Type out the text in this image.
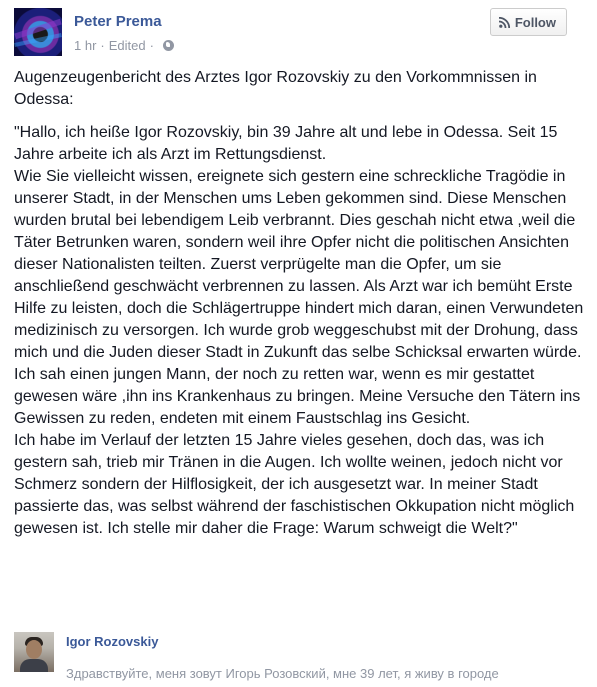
Peter Prema
1 hr · Edited ·
Follow

Augenzeugenbericht des Arztes Igor Rozovskiy zu den Vorkommnissen in Odessa:

"Hallo, ich heiße Igor Rozovskiy, bin 39 Jahre alt und lebe in Odessa. Seit 15 Jahre arbeite ich als Arzt im Rettungsdienst.
Wie Sie vielleicht wissen, ereignete sich gestern eine schreckliche Tragödie in unserer Stadt, in der Menschen ums Leben gekommen sind. Diese Menschen wurden brutal bei lebendigem Leib verbrannt. Dies geschah nicht etwa ,weil die Täter Betrunken waren, sondern weil ihre Opfer nicht die politischen Ansichten dieser Nationalisten teilten. Zuerst verprügelte man die Opfer, um sie anschließend geschwächt verbrennen zu lassen. Als Arzt war ich bemüht Erste Hilfe zu leisten, doch die Schlägertruppe hindert mich daran, einen Verwundeten medizinisch zu versorgen. Ich wurde grob weggeschubst mit der Drohung, dass mich und die Juden dieser Stadt in Zukunft das selbe Schicksal erwarten würde. Ich sah einen jungen Mann, der noch zu retten war, wenn es mir gestattet gewesen wäre ,ihn ins Krankenhaus zu bringen. Meine Versuche den Tätern ins Gewissen zu reden, endeten mit einem Faustschlag ins Gesicht.
Ich habe im Verlauf der letzten 15 Jahre vieles gesehen, doch das, was ich gestern sah, trieb mir Tränen in die Augen. Ich wollte weinen, jedoch nicht vor Schmerz sondern der Hilflosigkeit, der ich ausgesetzt war. In meiner Stadt passierte das, was selbst während der faschistischen Okkupation nicht möglich gewesen ist. Ich stelle mir daher die Frage: Warum schweigt die Welt?"

Igor Rozovskiy
Здравствуйте, меня зовут Игорь Розовский, мне 39 лет, я живу в городе
